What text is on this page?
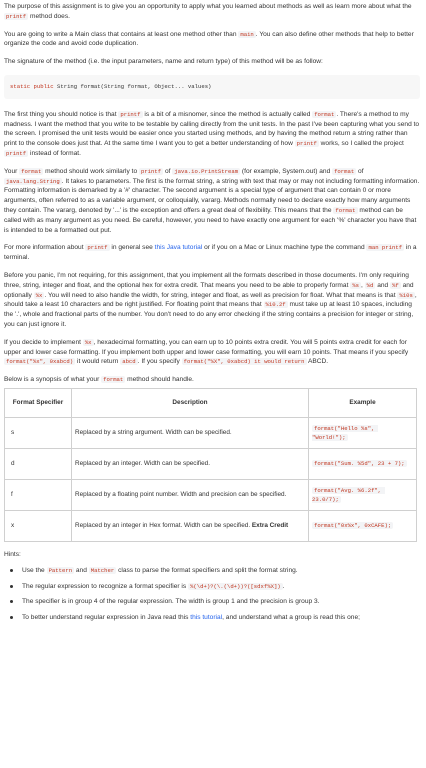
The purpose of this assignment is to give you an opportunity to apply what you learned about methods as well as learn more about what the printf method does.

You are going to write a Main class that contains at least one method other than main . You can also define other methods that help to better organize the code and avoid code duplication.

The signature of the method (i.e. the input parameters, name and return type) of this method will be as follow:

static public String format(String format, Object... values)

The first thing you should notice is that printf is a bit of a misnomer, since the method is actually called format . There's a method to my madness. I want the method that you write to be testable by calling directly from the unit tests. In the past I've been capturing what you send to the screen. I promised the unit tests would be easier once you started using methods, and by having the method return a string rather than print to the console does just that. At the same time I want you to get a better understanding of how printf works, so I called the project printf instead of format.

Your format method should work similarly to printf of java.io.PrintStream (for example, System.out) and format of java.lang.String . It takes to parameters. The first is the format string, a string with text that may or may not including formatting information. Formatting information is demarked by a '#' character. The second argument is a special type of argument that can contain 0 or more arguments, often referred to as a variable argument, or colloquially, vararg. Methods normally need to declare exactly how many arguments they contain. The vararg, denoted by '...' is the exception and offers a great deal of flexibility. This means that the format method can be called with as many argument as you need. Be careful, however, you need to have exactly one argument for each '%' character you have that is intended to be a formatted out put.

For more information about printf in general see this Java tutorial or if you on a Mac or Linux machine type the command man printf in a terminal.

Before you panic, I'm not requiring, for this assignment, that you implement all the formats described in those documents. I'm only requiring three, string, integer and float, and the optional hex for extra credit. That means you need to be able to properly format %s , %d and %f and optionally %x . You will need to also handle the width, for string, integer and float, as well as precision for float. What that means is that %10s , should take a least 10 characters and be right justified. For floating point that means that %10.2f must take up at least 10 spaces, including the '.', whole and fractional parts of the number. You don't need to do any error checking if the string contains a precision for integer or string, you can just ignore it.

If you decide to implement %x , hexadecimal formatting, you can earn up to 10 points extra credit. You will 5 points extra credit for each for upper and lower case formatting. If you implement both upper and lower case formatting, you will earn 10 points. That means if you specify format("%x", 0xabcd) it would return abcd . If you specify format("%X", 0xabcd) it would return ABCD.

Below is a synopsis of what your format method should handle.

Format Specifier	Description	Example
s	Replaced by a string argument. Width can be specified.	format("Hello %s", "World!");
d	Replaced by an integer. Width can be specified.	format("Sum. %5d", 23 + 7);
f	Replaced by a floating point number. Width and precision can be specified.	format("Avg. %6.2f", 23.0/7);
x	Replaced by an integer in Hex format. Width can be specified. Extra Credit	format("0x%x", 0xCAFE);

Hints:

Use the Pattern and Matcher class to parse the format specifiers and split the format string.
The regular expression to recognize a format specifier is %(\d+)?(\.(\d+))?([sdxf%X]) .
The specifier is in group 4 of the regular expression. The width is group 1 and the precision is group 3.
To better understand regular expression in Java read this this tutorial, and understand what a group is read this one;
